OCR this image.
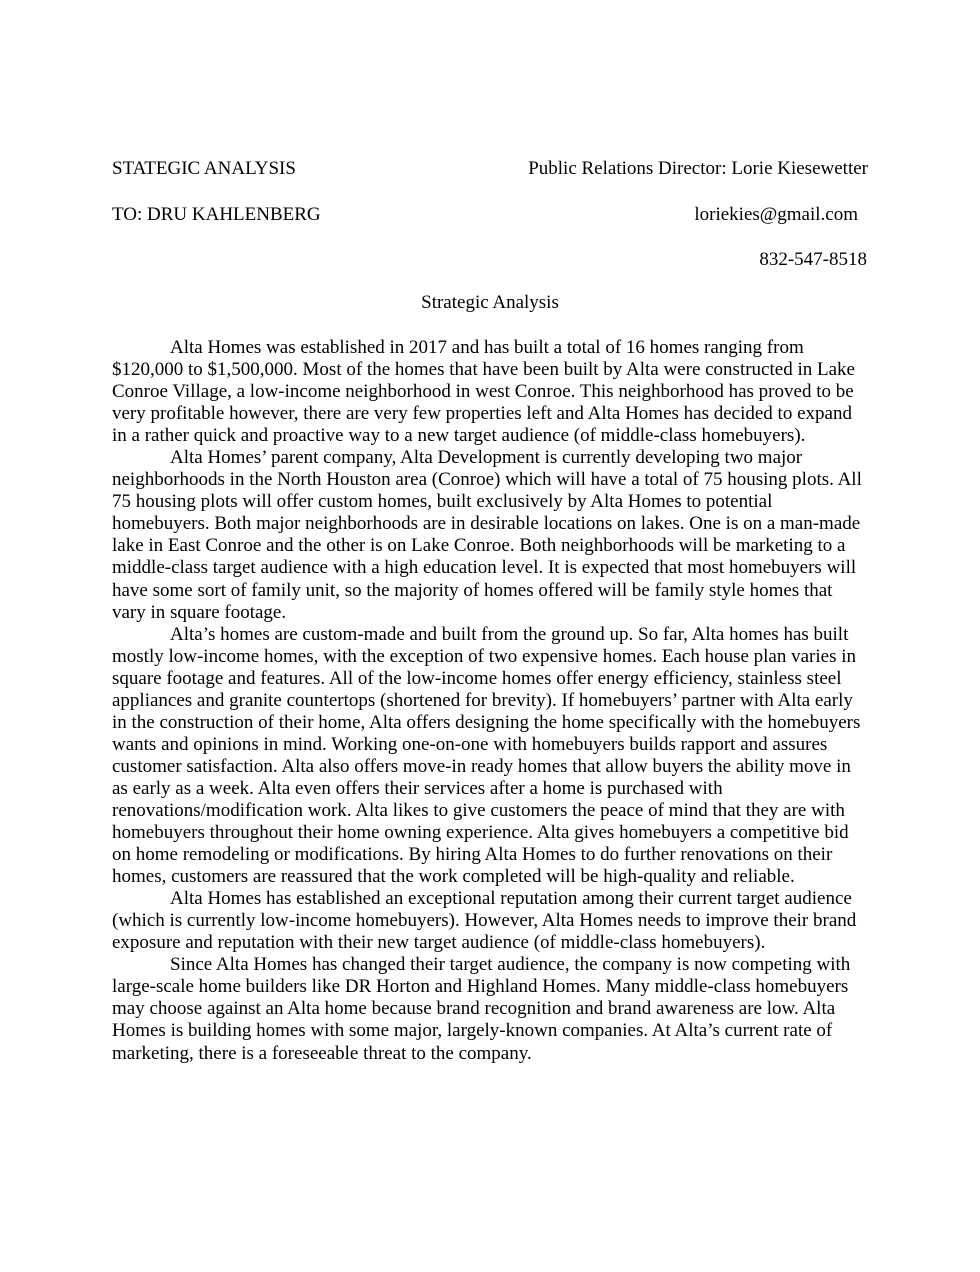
STATEGIC ANALYSIS	Public Relations Director: Lorie Kiesewetter
TO: DRU KAHLENBERG	loriekies@gmail.com
832-547-8518
Strategic Analysis

Alta Homes was established in 2017 and has built a total of 16 homes ranging from $120,000 to $1,500,000. Most of the homes that have been built by Alta were constructed in Lake Conroe Village, a low-income neighborhood in west Conroe. This neighborhood has proved to be very profitable however, there are very few properties left and Alta Homes has decided to expand in a rather quick and proactive way to a new target audience (of middle-class homebuyers).

Alta Homes’ parent company, Alta Development is currently developing two major neighborhoods in the North Houston area (Conroe) which will have a total of 75 housing plots. All 75 housing plots will offer custom homes, built exclusively by Alta Homes to potential homebuyers. Both major neighborhoods are in desirable locations on lakes. One is on a man-made lake in East Conroe and the other is on Lake Conroe. Both neighborhoods will be marketing to a middle-class target audience with a high education level. It is expected that most homebuyers will have some sort of family unit, so the majority of homes offered will be family style homes that vary in square footage.

Alta’s homes are custom-made and built from the ground up. So far, Alta homes has built mostly low-income homes, with the exception of two expensive homes. Each house plan varies in square footage and features. All of the low-income homes offer energy efficiency, stainless steel appliances and granite countertops (shortened for brevity). If homebuyers’ partner with Alta early in the construction of their home, Alta offers designing the home specifically with the homebuyers wants and opinions in mind. Working one-on-one with homebuyers builds rapport and assures customer satisfaction. Alta also offers move-in ready homes that allow buyers the ability move in as early as a week. Alta even offers their services after a home is purchased with renovations/modification work. Alta likes to give customers the peace of mind that they are with homebuyers throughout their home owning experience. Alta gives homebuyers a competitive bid on home remodeling or modifications. By hiring Alta Homes to do further renovations on their homes, customers are reassured that the work completed will be high-quality and reliable.

Alta Homes has established an exceptional reputation among their current target audience (which is currently low-income homebuyers). However, Alta Homes needs to improve their brand exposure and reputation with their new target audience (of middle-class homebuyers).

Since Alta Homes has changed their target audience, the company is now competing with large-scale home builders like DR Horton and Highland Homes. Many middle-class homebuyers may choose against an Alta home because brand recognition and brand awareness are low. Alta Homes is building homes with some major, largely-known companies. At Alta’s current rate of marketing, there is a foreseeable threat to the company.
